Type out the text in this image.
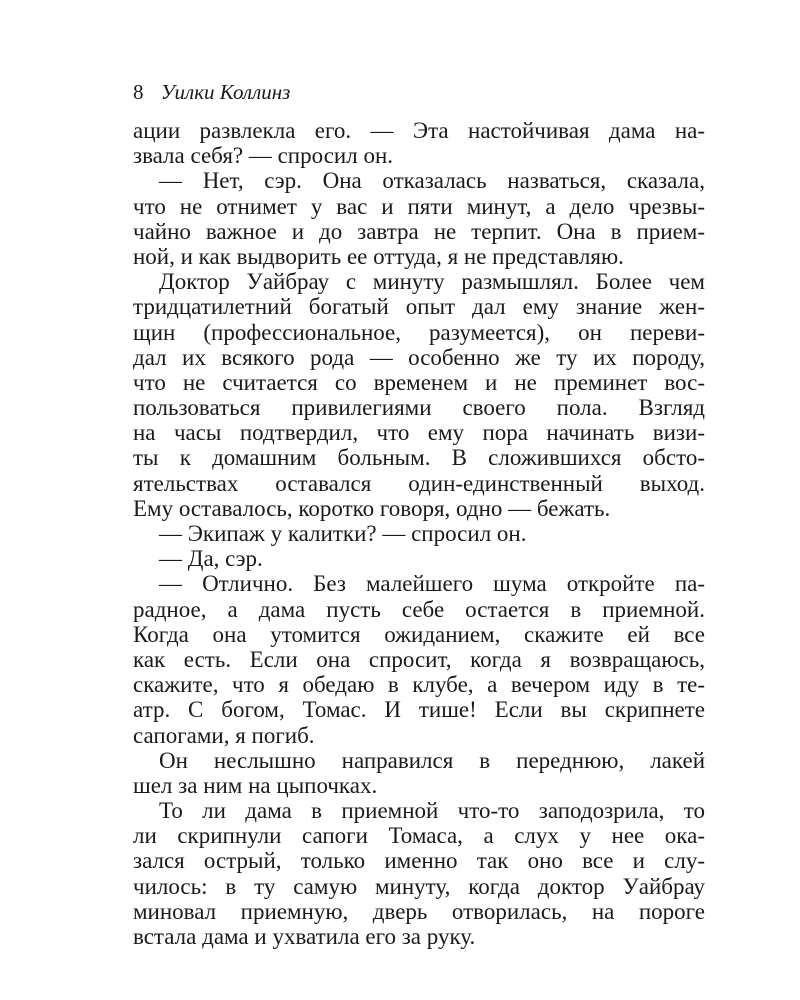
8 Уилки Коллинз
ации развлекла его. — Эта настойчивая дама на-
звала себя? — спросил он.
— Нет, сэр. Она отказалась назваться, сказала,
что не отнимет у вас и пяти минут, а дело чрезвы-
чайно важное и до завтра не терпит. Она в прием-
ной, и как выдворить ее оттуда, я не представляю.
Доктор Уайбрау с минуту размышлял. Более чем
тридцатилетний богатый опыт дал ему знание жен-
щин (профессиональное, разумеется), он переви-
дал их всякого рода — особенно же ту их породу,
что не считается со временем и не преминет вос-
пользоваться привилегиями своего пола. Взгляд
на часы подтвердил, что ему пора начинать визи-
ты к домашним больным. В сложившихся обсто-
ятельствах оставался один-единственный выход.
Ему оставалось, коротко говоря, одно — бежать.
— Экипаж у калитки? — спросил он.
— Да, сэр.
— Отлично. Без малейшего шума откройте па-
радное, а дама пусть себе остается в приемной.
Когда она утомится ожиданием, скажите ей все
как есть. Если она спросит, когда я возвращаюсь,
скажите, что я обедаю в клубе, а вечером иду в те-
атр. С богом, Томас. И тише! Если вы скрипнете
сапогами, я погиб.
Он неслышно направился в переднюю, лакей
шел за ним на цыпочках.
То ли дама в приемной что-то заподозрила, то
ли скрипнули сапоги Томаса, а слух у нее ока-
зался острый, только именно так оно все и слу-
чилось: в ту самую минуту, когда доктор Уайбрау
миновал приемную, дверь отворилась, на пороге
встала дама и ухватила его за руку.
